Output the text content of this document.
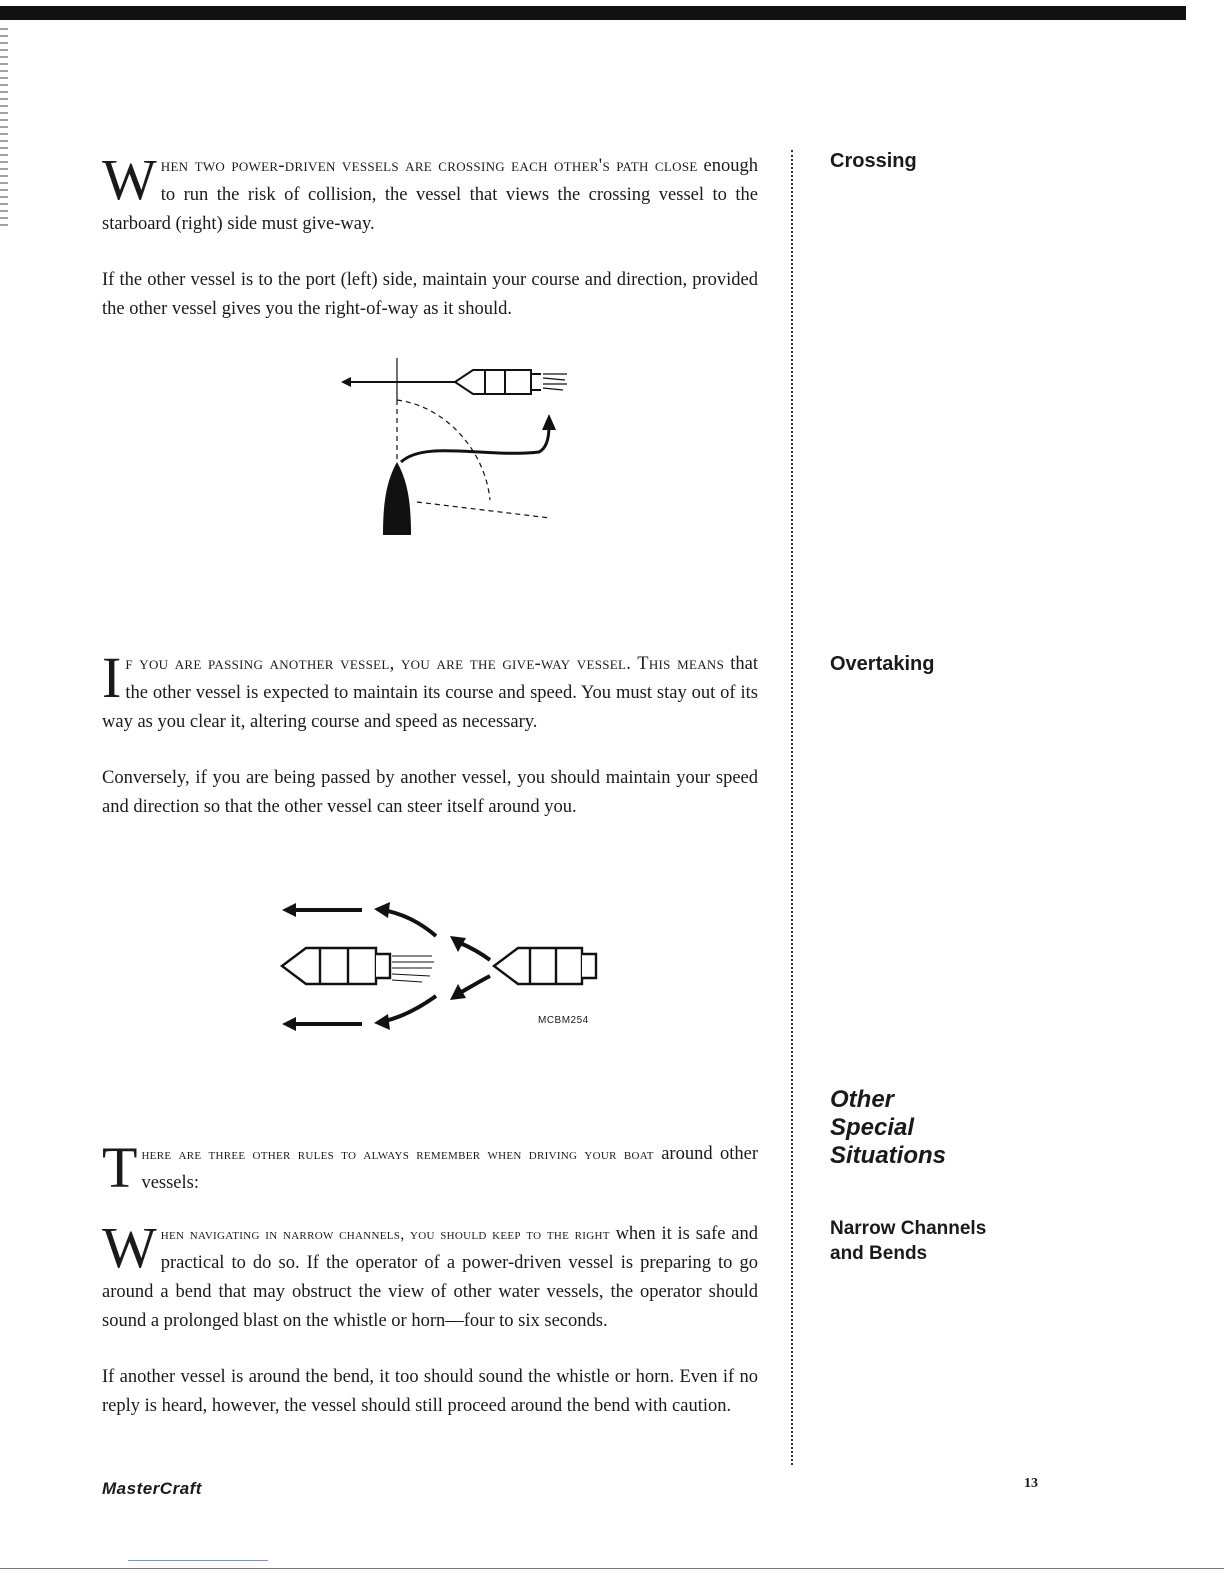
Crossing

When two power-driven vessels are crossing each other's path close enough to run the risk of collision, the vessel that views the crossing vessel to the starboard (right) side must give-way.

If the other vessel is to the port (left) side, maintain your course and direction, provided the other vessel gives you the right-of-way as it should.

Overtaking

If you are passing another vessel, you are the give-way vessel. This means that the other vessel is expected to maintain its course and speed. You must stay out of its way as you clear it, altering course and speed as necessary.

Conversely, if you are being passed by another vessel, you should maintain your speed and direction so that the other vessel can steer itself around you.

MCBM254
Other
Special
Situations

There are three other rules to always remember when driving your boat around other vessels:

Narrow Channels
and Bends

When navigating in narrow channels, you should keep to the right when it is safe and practical to do so. If the operator of a power-driven vessel is preparing to go around a bend that may obstruct the view of other water vessels, the operator should sound a prolonged blast on the whistle or horn—four to six seconds.

If another vessel is around the bend, it too should sound the whistle or horn. Even if no reply is heard, however, the vessel should still proceed around the bend with caution.

MasterCraft	13
